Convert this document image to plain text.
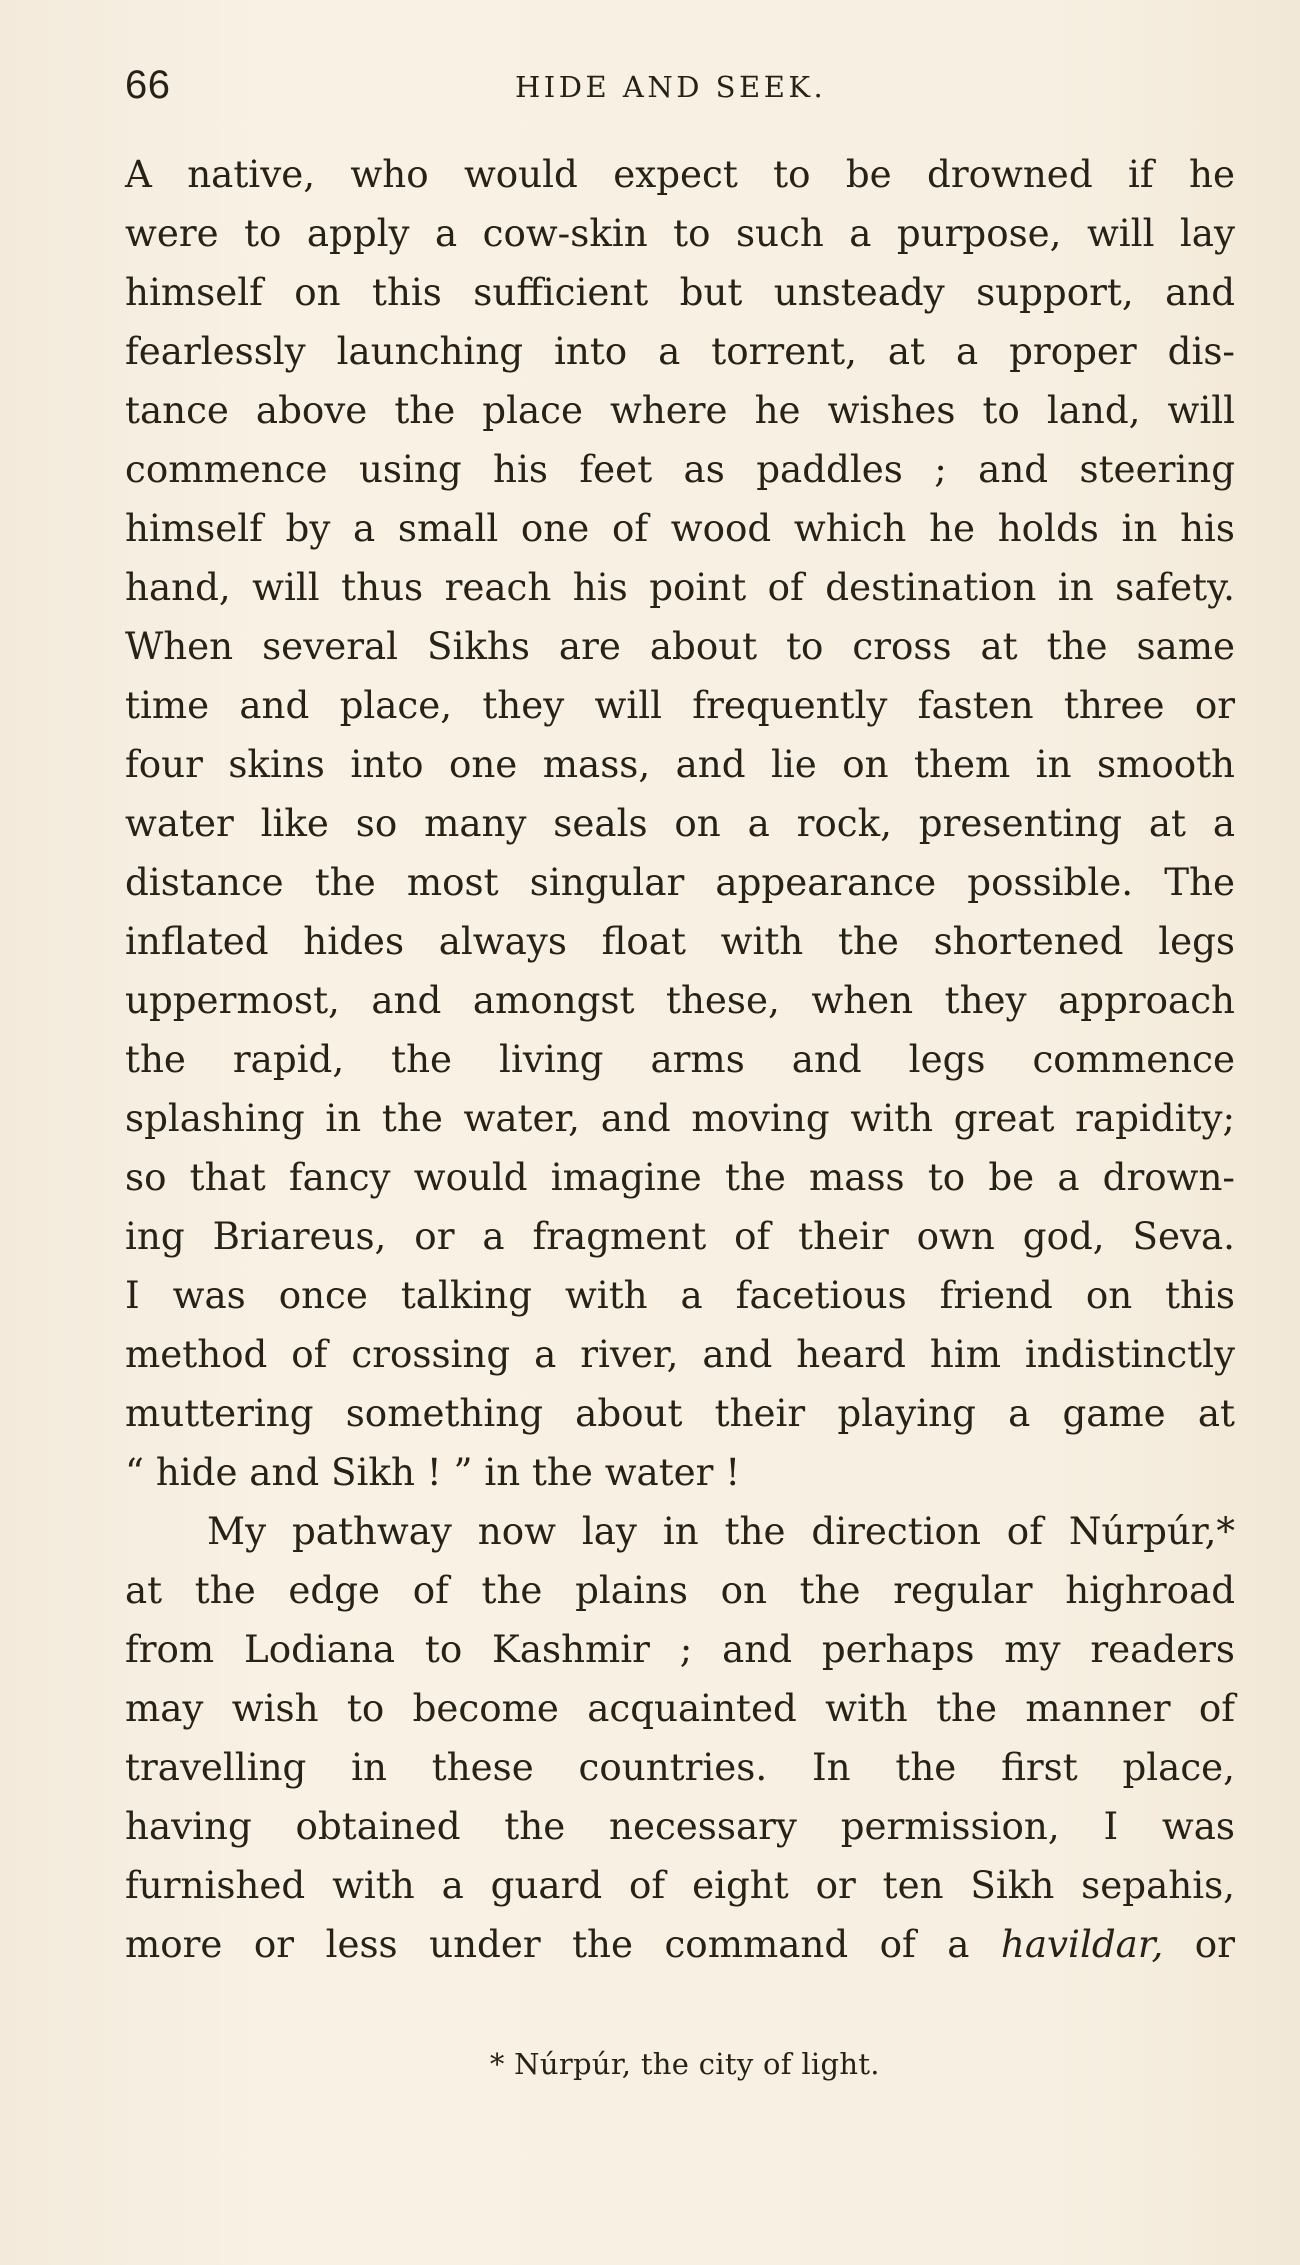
66	HIDE AND SEEK.
A native, who would expect to be drowned if he
were to apply a cow-skin to such a purpose, will lay
himself on this sufficient but unsteady support, and
fearlessly launching into a torrent, at a proper dis-
tance above the place where he wishes to land, will
commence using his feet as paddles ; and steering
himself by a small one of wood which he holds in his
hand, will thus reach his point of destination in safety.
When several Sikhs are about to cross at the same
time and place, they will frequently fasten three or
four skins into one mass, and lie on them in smooth
water like so many seals on a rock, presenting at a
distance the most singular appearance possible. The
inflated hides always float with the shortened legs
uppermost, and amongst these, when they approach
the rapid, the living arms and legs commence
splashing in the water, and moving with great rapidity;
so that fancy would imagine the mass to be a drown-
ing Briareus, or a fragment of their own god, Seva.
I was once talking with a facetious friend on this
method of crossing a river, and heard him indistinctly
muttering something about their playing a game at
“ hide and Sikh ! ” in the water !
My pathway now lay in the direction of Núrpúr,*
at the edge of the plains on the regular highroad
from Lodiana to Kashmir ; and perhaps my readers
may wish to become acquainted with the manner of
travelling in these countries. In the first place,
having obtained the necessary permission, I was
furnished with a guard of eight or ten Sikh sepahis,
more or less under the command of a havildar, or
* Núrpúr, the city of light.
